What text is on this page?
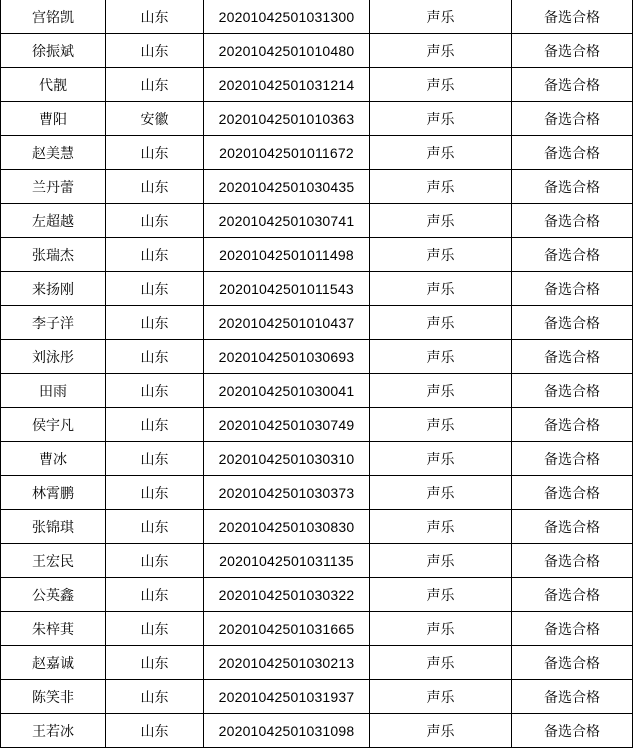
宫铭凯	山东	20201042501031300	声乐	备选合格
徐振斌	山东	20201042501010480	声乐	备选合格
代靓	山东	20201042501031214	声乐	备选合格
曹阳	安徽	20201042501010363	声乐	备选合格
赵美慧	山东	20201042501011672	声乐	备选合格
兰丹蕾	山东	20201042501030435	声乐	备选合格
左超越	山东	20201042501030741	声乐	备选合格
张瑞杰	山东	20201042501011498	声乐	备选合格
来扬刚	山东	20201042501011543	声乐	备选合格
李子洋	山东	20201042501010437	声乐	备选合格
刘泳彤	山东	20201042501030693	声乐	备选合格
田雨	山东	20201042501030041	声乐	备选合格
侯宇凡	山东	20201042501030749	声乐	备选合格
曹冰	山东	20201042501030310	声乐	备选合格
林霄鹏	山东	20201042501030373	声乐	备选合格
张锦琪	山东	20201042501030830	声乐	备选合格
王宏民	山东	20201042501031135	声乐	备选合格
公英鑫	山东	20201042501030322	声乐	备选合格
朱梓萁	山东	20201042501031665	声乐	备选合格
赵嘉诚	山东	20201042501030213	声乐	备选合格
陈笑非	山东	20201042501031937	声乐	备选合格
王若冰	山东	20201042501031098	声乐	备选合格
